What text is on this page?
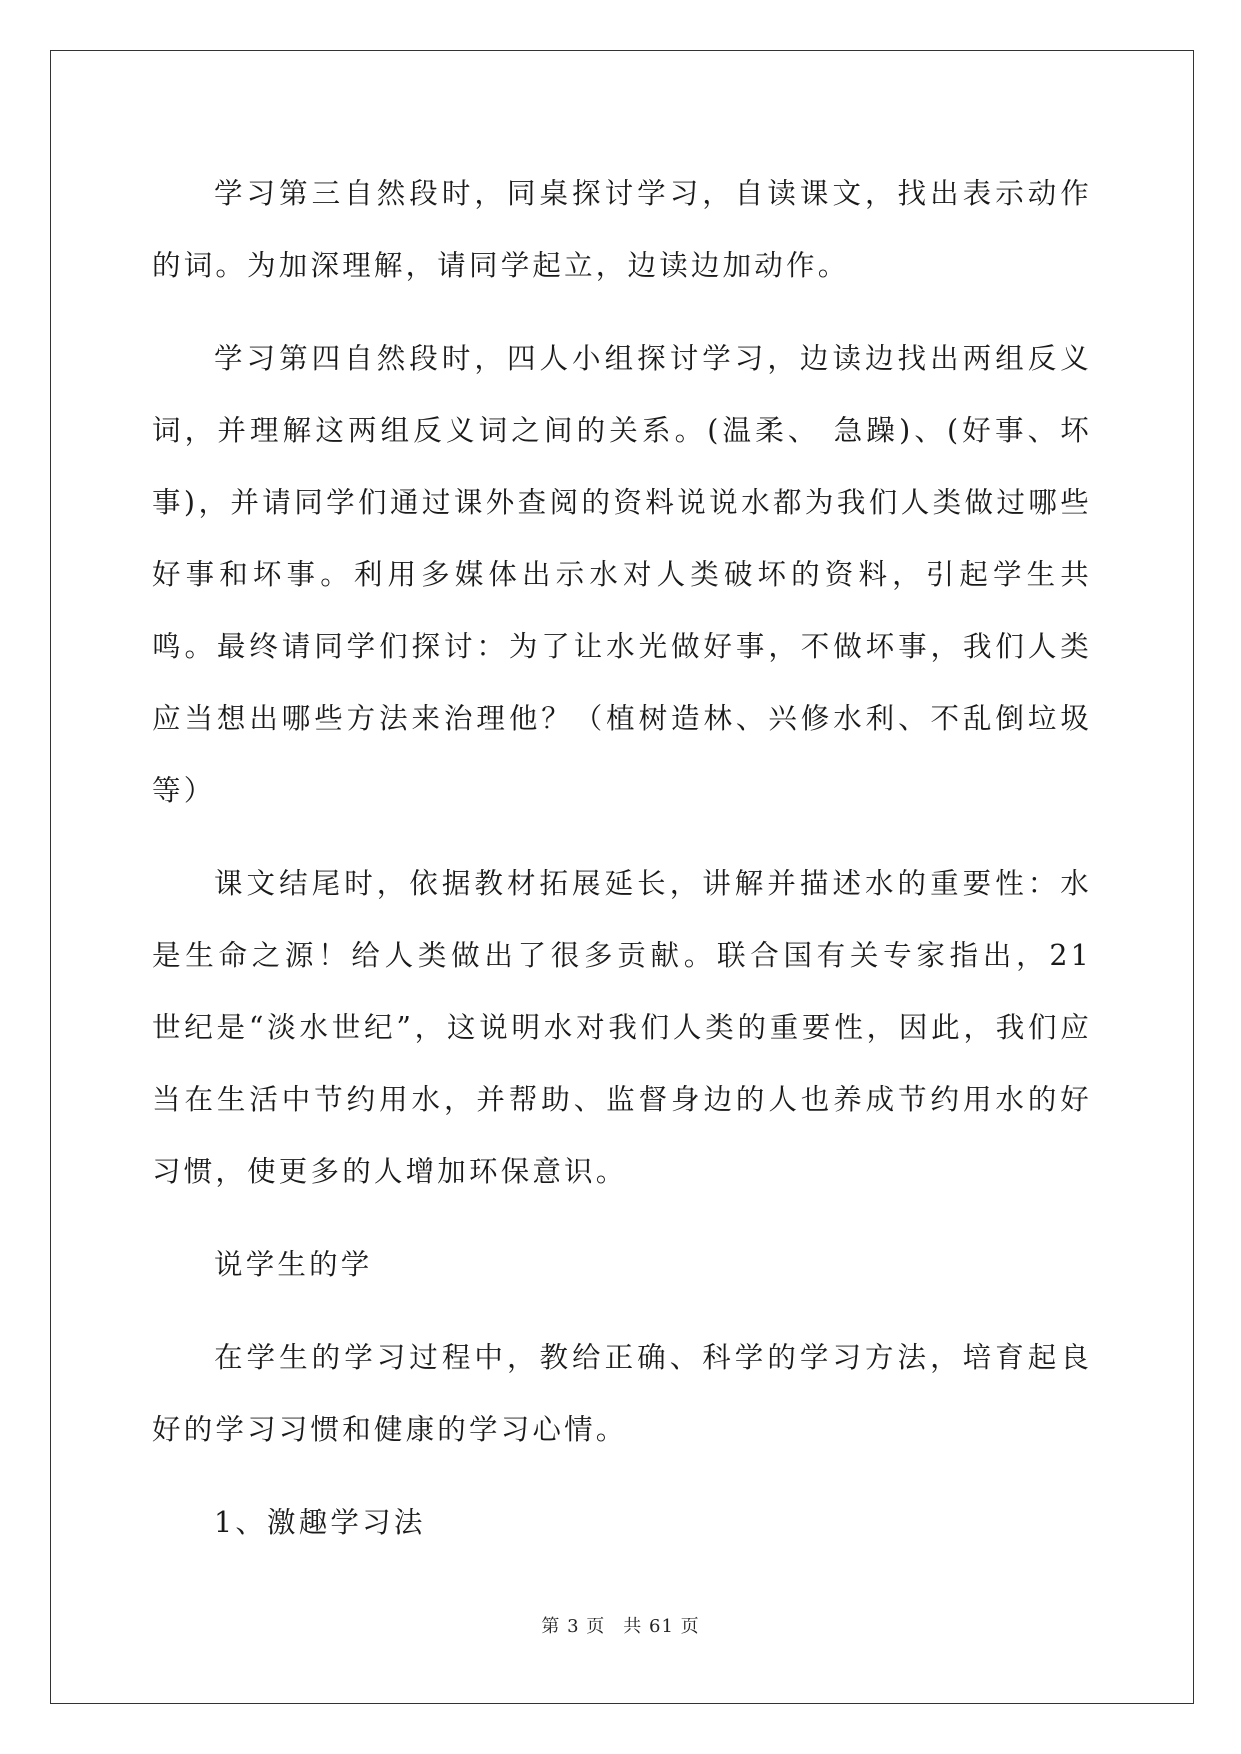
学习第三自然段时，同桌探讨学习，自读课文，找出表示动作的词。为加深理解，请同学起立，边读边加动作。

学习第四自然段时，四人小组探讨学习，边读边找出两组反义词，并理解这两组反义词之间的关系。(温柔、 急躁)、(好事、坏事)，并请同学们通过课外查阅的资料说说水都为我们人类做过哪些好事和坏事。利用多媒体出示水对人类破坏的资料，引起学生共鸣。最终请同学们探讨：为了让水光做好事，不做坏事，我们人类应当想出哪些方法来治理他？（植树造林、兴修水利、不乱倒垃圾等）

课文结尾时，依据教材拓展延长，讲解并描述水的重要性：水是生命之源！给人类做出了很多贡献。联合国有关专家指出，21 世纪是“淡水世纪”，这说明水对我们人类的重要性，因此，我们应当在生活中节约用水，并帮助、监督身边的人也养成节约用水的好习惯，使更多的人增加环保意识。

说学生的学

在学生的学习过程中，教给正确、科学的学习方法，培育起良好的学习习惯和健康的学习心情。

1、激趣学习法

第 3 页 共 61 页
